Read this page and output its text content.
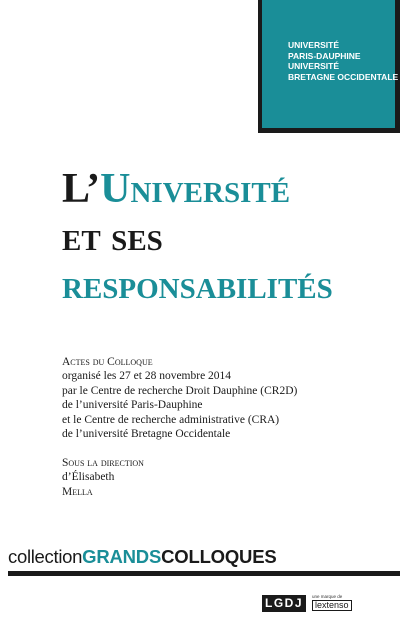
UNIVERSITÉ
PARIS-DAUPHINE
UNIVERSITÉ
BRETAGNE OCCIDENTALE

L’Université
et ses
responsabilités
Actes du Colloque
organisé les 27 et 28 novembre 2014
par le Centre de recherche Droit Dauphine (CR2D)
de l’université Paris-Dauphine
et le Centre de recherche administrative (CRA)
de l’université Bretagne Occidentale
Sous la direction
d’Élisabeth
Mella
collectionGRANDSCOLLOQUES
LGDJ	une marque de
lextenso
